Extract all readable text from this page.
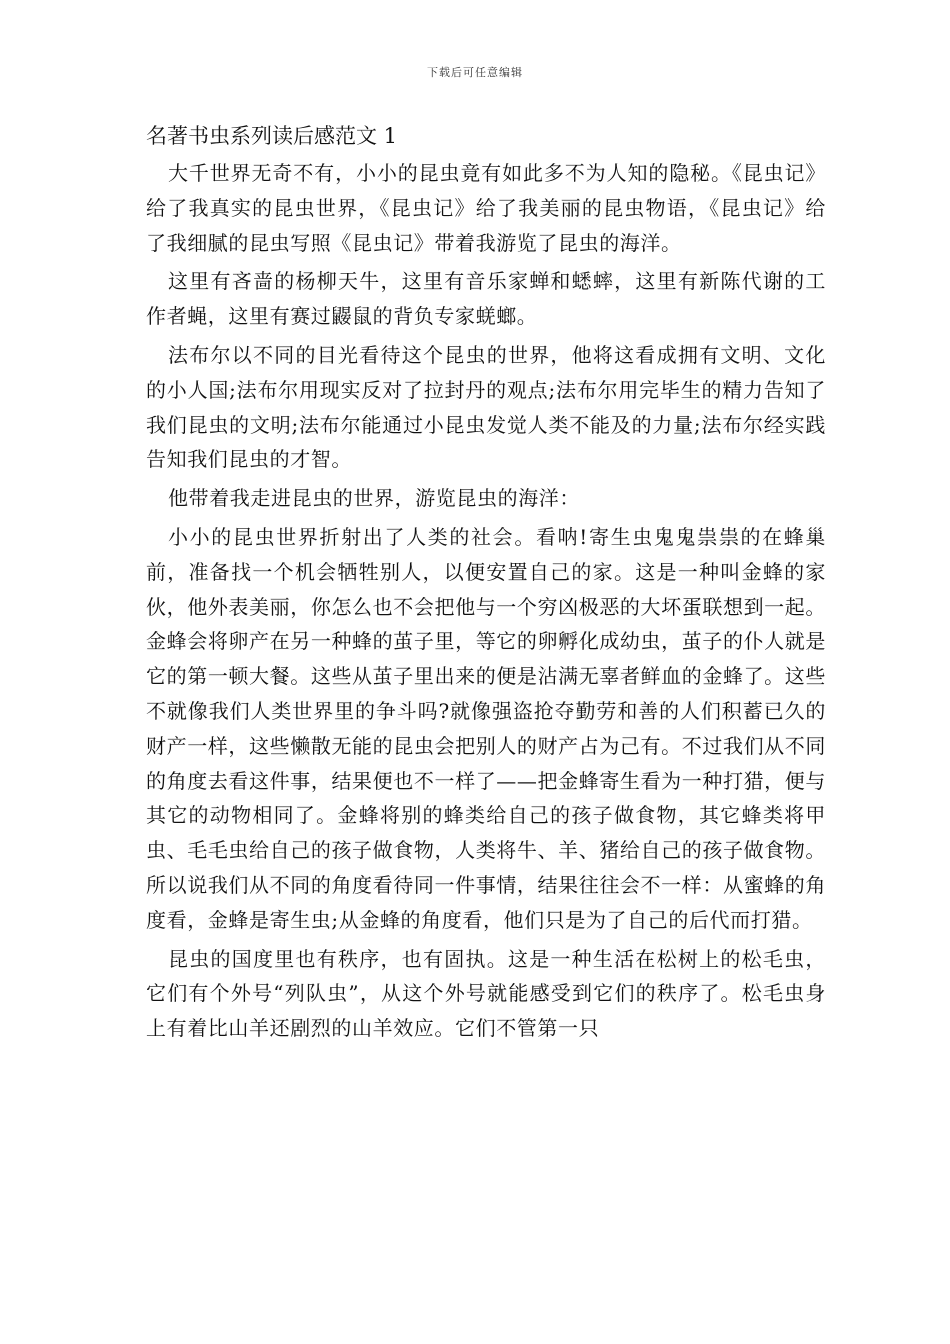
下载后可任意编辑
名著书虫系列读后感范文 1

大千世界无奇不有，小小的昆虫竟有如此多不为人知的隐秘。《昆虫记》给了我真实的昆虫世界，《昆虫记》给了我美丽的昆虫物语，《昆虫记》给了我细腻的昆虫写照《昆虫记》带着我游览了昆虫的海洋。

这里有吝啬的杨柳天牛，这里有音乐家蝉和蟋蟀，这里有新陈代谢的工作者蝇，这里有赛过鼹鼠的背负专家蜣螂。

法布尔以不同的目光看待这个昆虫的世界，他将这看成拥有文明、文化的小人国;法布尔用现实反对了拉封丹的观点;法布尔用完毕生的精力告知了我们昆虫的文明;法布尔能通过小昆虫发觉人类不能及的力量;法布尔经实践告知我们昆虫的才智。

他带着我走进昆虫的世界，游览昆虫的海洋：

小小的昆虫世界折射出了人类的社会。看呐!寄生虫鬼鬼祟祟的在蜂巢前，准备找一个机会牺牲别人，以便安置自己的家。这是一种叫金蜂的家伙，他外表美丽，你怎么也不会把他与一个穷凶极恶的大坏蛋联想到一起。金蜂会将卵产在另一种蜂的茧子里，等它的卵孵化成幼虫，茧子的仆人就是它的第一顿大餐。这些从茧子里出来的便是沾满无辜者鲜血的金蜂了。这些不就像我们人类世界里的争斗吗?就像强盗抢夺勤劳和善的人们积蓄已久的财产一样，这些懒散无能的昆虫会把别人的财产占为己有。不过我们从不同的角度去看这件事，结果便也不一样了——把金蜂寄生看为一种打猎，便与其它的动物相同了。金蜂将别的蜂类给自己的孩子做食物，其它蜂类将甲虫、毛毛虫给自己的孩子做食物，人类将牛、羊、猪给自己的孩子做食物。所以说我们从不同的角度看待同一件事情，结果往往会不一样：从蜜蜂的角度看，金蜂是寄生虫;从金蜂的角度看，他们只是为了自己的后代而打猎。

昆虫的国度里也有秩序，也有固执。这是一种生活在松树上的松毛虫，它们有个外号“列队虫”，从这个外号就能感受到它们的秩序了。松毛虫身上有着比山羊还剧烈的山羊效应。它们不管第一只
